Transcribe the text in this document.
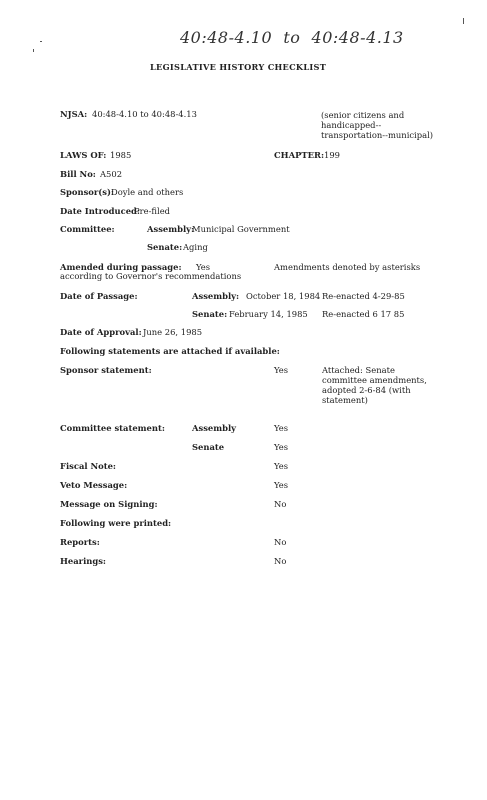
40:48-4.10  to  40:48-4.13
LEGISLATIVE HISTORY CHECKLIST
NJSA: 40:48-4.10 to 40:48-4.13	(senior citizens and
handicapped--
transportation--municipal)
LAWS OF: 1985	CHAPTER: 199
Bill No: A502
Sponsor(s):
Doyle and others
Date Introduced:
Pre-filed
Committee:	Assembly:
Municipal Government
Senate: Aging
Amended during passage: Yes	Amendments denoted by asterisks
according to Governor's recommendations
Date of Passage:	Assembly: October 18, 1984 Re-enacted 4-29-85
Senate: February 14, 1985 Re-enacted 6 17 85
Date of Approval: June 26, 1985
Following statements are attached if available:
Sponsor statement:	Yes	Attached: Senate
committee amendments,
adopted 2-6-84 (with
statement)
Committee statement:	Assembly	Yes
Senate	Yes
Fiscal Note:	Yes
Veto Message:	Yes
Message on Signing:	No
Following were printed:
Reports:	No
Hearings:	No
